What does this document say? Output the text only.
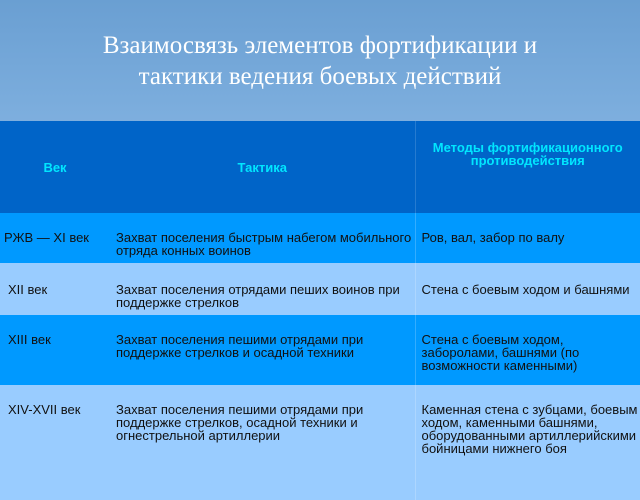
Взаимосвязь элементов фортификации и
тактики ведения боевых действий
Век	Тактика	Методы фортификационного противодействия
РЖВ — XI век	Захват поселения быстрым набегом мобильного отряда конных воинов	Ров, вал, забор по валу
XII век	Захват поселения отрядами пеших воинов при поддержке стрелков	Стена с боевым ходом и башнями
XIII век	Захват поселения пешими отрядами при поддержке стрелков и осадной техники	Стена с боевым ходом, заборолами, башнями (по возможности каменными)
XIV-XVII век	Захват поселения пешими отрядами при поддержке стрелков, осадной техники и огнестрельной артиллерии	Каменная стена с зубцами, боевым ходом, каменными башнями, оборудованными артиллерийскими бойницами нижнего боя
